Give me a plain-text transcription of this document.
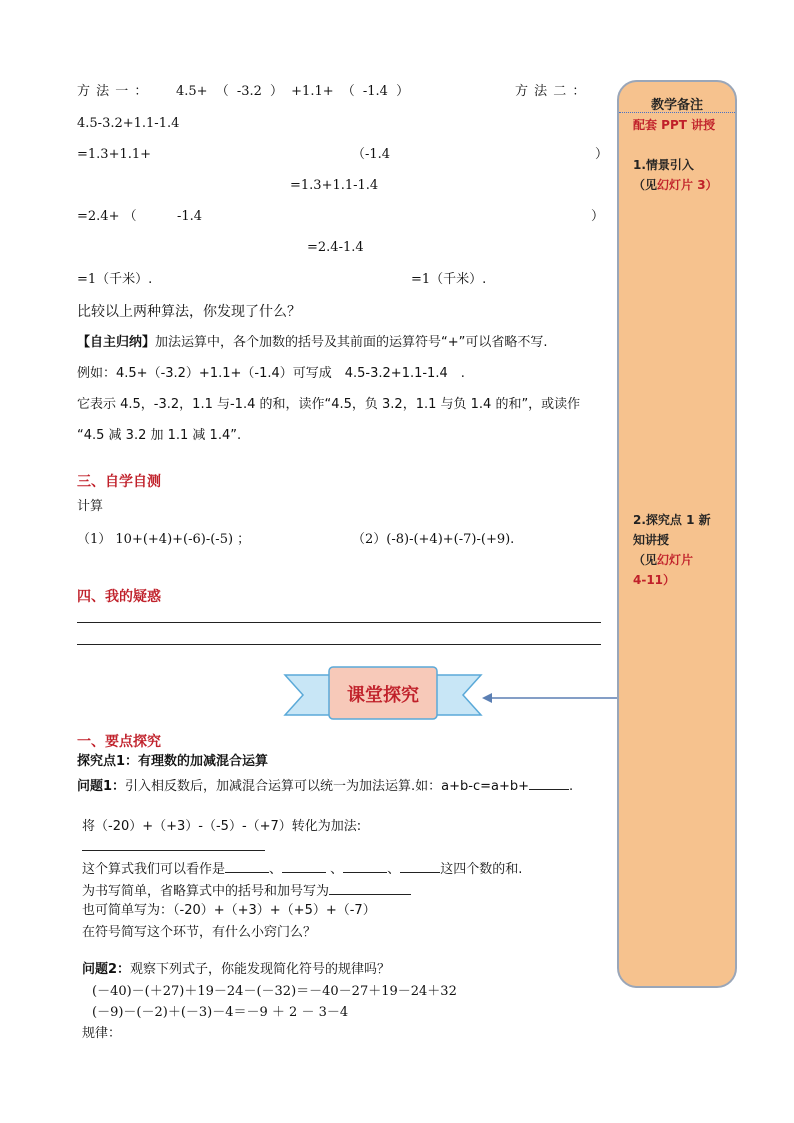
方 法 一 ： 4.5+ （ -3.2 ） +1.1+ （ -1.4 ）	方 法 二 ：
4.5-3.2+1.1-1.4
=1.3+1.1+	（-1.4	）
=1.3+1.1-1.4
=2.4+ （	-1.4	）
=2.4-1.4
=1（千米）.	=1（千米）.
比较以上两种算法，你发现了什么？
【自主归纳】加法运算中，各个加数的括号及其前面的运算符号“+”可以省略不写.
例如：4.5+（-3.2）+1.1+（-1.4）可写成　4.5-3.2+1.1-1.4　.
它表示 4.5，-3.2，1.1 与-1.4 的和，读作“4.5，负 3.2，1.1 与负 1.4 的和”，或读作
“4.5 减 3.2 加 1.1 减 1.4”.
三、自学自测
计算
（1） 10+(+4)+(-6)-(-5) ；	（2）(-8)-(+4)+(-7)-(+9).
四、我的疑惑
课堂探究
一、要点探究
探究点1：有理数的加减混合运算
问题1：引入相反数后，加减混合运算可以统一为加法运算.如：a+b-c=a+b+	.
将（-20）+（+3）-（-5）-（+7）转化为加法:
这个算式我们可以看作是	、	、	、	这四个数的和.
为书写简单，省略算式中的括号和加号写为
也可简单写为：（-20）+（+3）+（+5）+（-7）
在符号简写这个环节，有什么小窍门么？
问题2：观察下列式子，你能发现简化符号的规律吗？
(－40)－(＋27)＋19－24－(－32)＝－40－27＋19－24＋32
(－9)－(－2)＋(－3)－4＝－9 ＋ 2 － 3－4
规律：
教学备注
配套 PPT 讲授
1.情景引入
（见幻灯片 3）
2.探究点 1 新
知讲授
（见幻灯片
4-11）
